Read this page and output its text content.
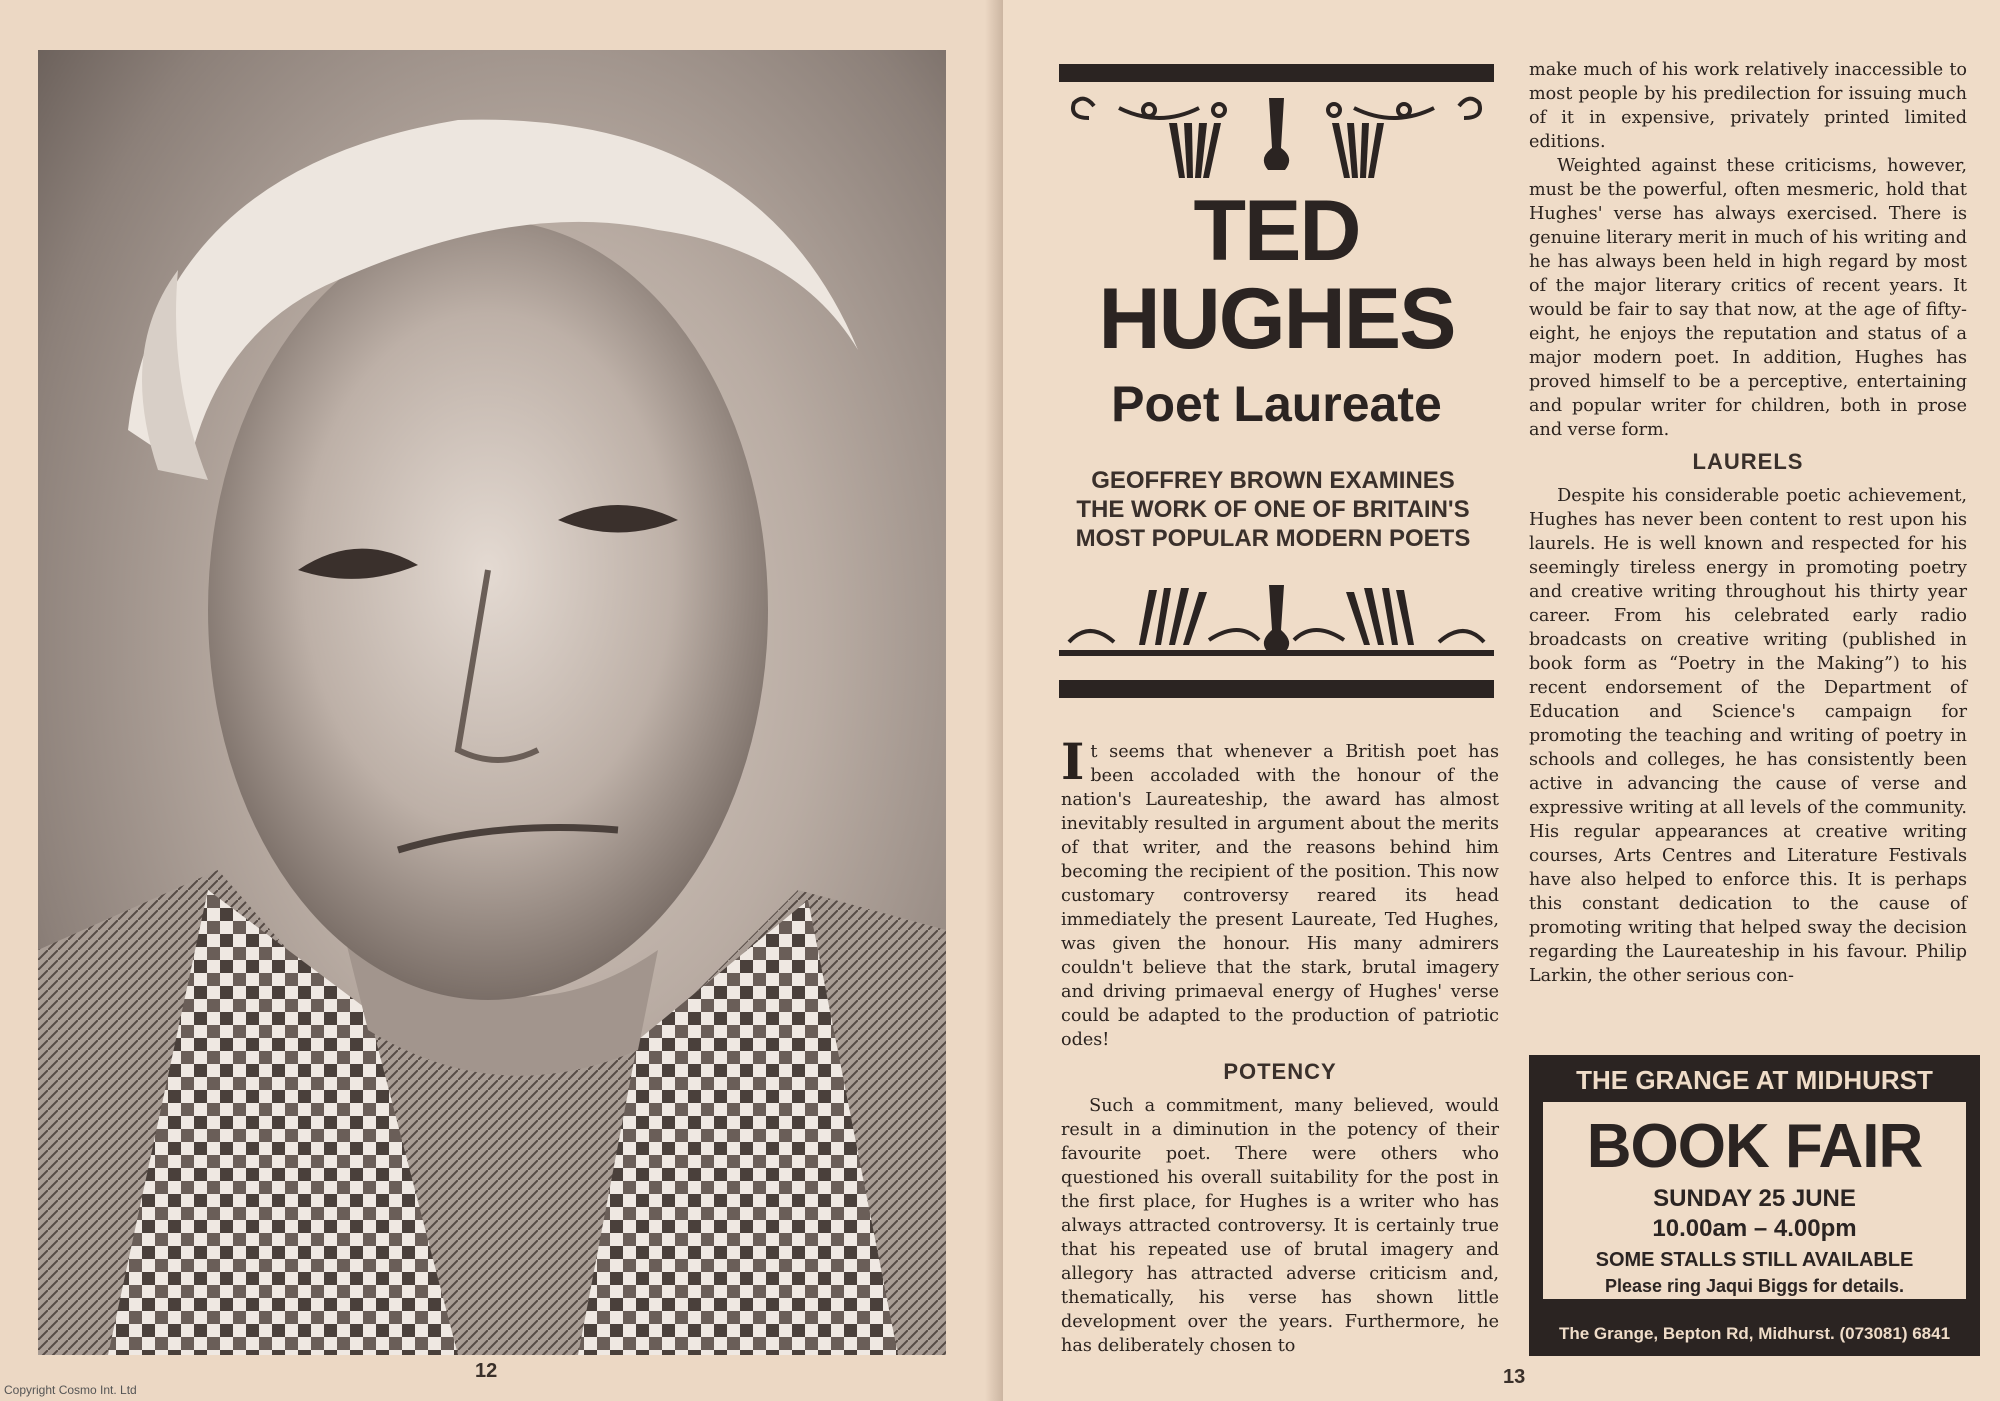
12
Copyright Cosmo Int. Ltd
TED
HUGHES
Poet Laureate
GEOFFREY BROWN EXAMINES
THE WORK OF ONE OF BRITAIN'S
MOST POPULAR MODERN POETS

It seems that whenever a British poet has been accoladed with the honour of the nation's Laureateship, the award has almost inevitably resulted in argument about the merits of that writer, and the reasons behind him becoming the recipient of the position. This now customary controversy reared its head immediately the present Laureate, Ted Hughes, was given the honour. His many admirers couldn't believe that the stark, brutal imagery and driving primaeval energy of Hughes' verse could be adapted to the production of patriotic odes!

POTENCY

Such a commitment, many believed, would result in a diminution in the potency of their favourite poet. There were others who questioned his overall suitability for the post in the first place, for Hughes is a writer who has always attracted controversy. It is certainly true that his repeated use of brutal imagery and allegory has attracted adverse criticism and, thematically, his verse has shown little development over the years. Furthermore, he has deliberately chosen to

make much of his work relatively inaccessible to most people by his predilection for issuing much of it in expensive, privately printed limited editions.

Weighted against these criticisms, however, must be the powerful, often mesmeric, hold that Hughes' verse has always exercised. There is genuine literary merit in much of his writing and he has always been held in high regard by most of the major literary critics of recent years. It would be fair to say that now, at the age of fifty-eight, he enjoys the reputation and status of a major modern poet. In addition, Hughes has proved himself to be a perceptive, entertaining and popular writer for children, both in prose and verse form.

LAURELS

Despite his considerable poetic achievement, Hughes has never been content to rest upon his laurels. He is well known and respected for his seemingly tireless energy in promoting poetry and creative writing throughout his thirty year career. From his celebrated early radio broadcasts on creative writing (published in book form as “Poetry in the Making”) to his recent endorsement of the Department of Education and Science's campaign for promoting the teaching and writing of poetry in schools and colleges, he has consistently been active in advancing the cause of verse and expressive writing at all levels of the community. His regular appearances at creative writing courses, Arts Centres and Literature Festivals have also helped to enforce this. It is perhaps this constant dedication to the cause of promoting writing that helped sway the decision regarding the Laureateship in his favour. Philip Larkin, the other serious con-

THE GRANGE AT MIDHURST
BOOK FAIR
SUNDAY 25 JUNE
10.00am – 4.00pm
SOME STALLS STILL AVAILABLE
Please ring Jaqui Biggs for details.
The Grange, Bepton Rd, Midhurst. (073081) 6841
13
